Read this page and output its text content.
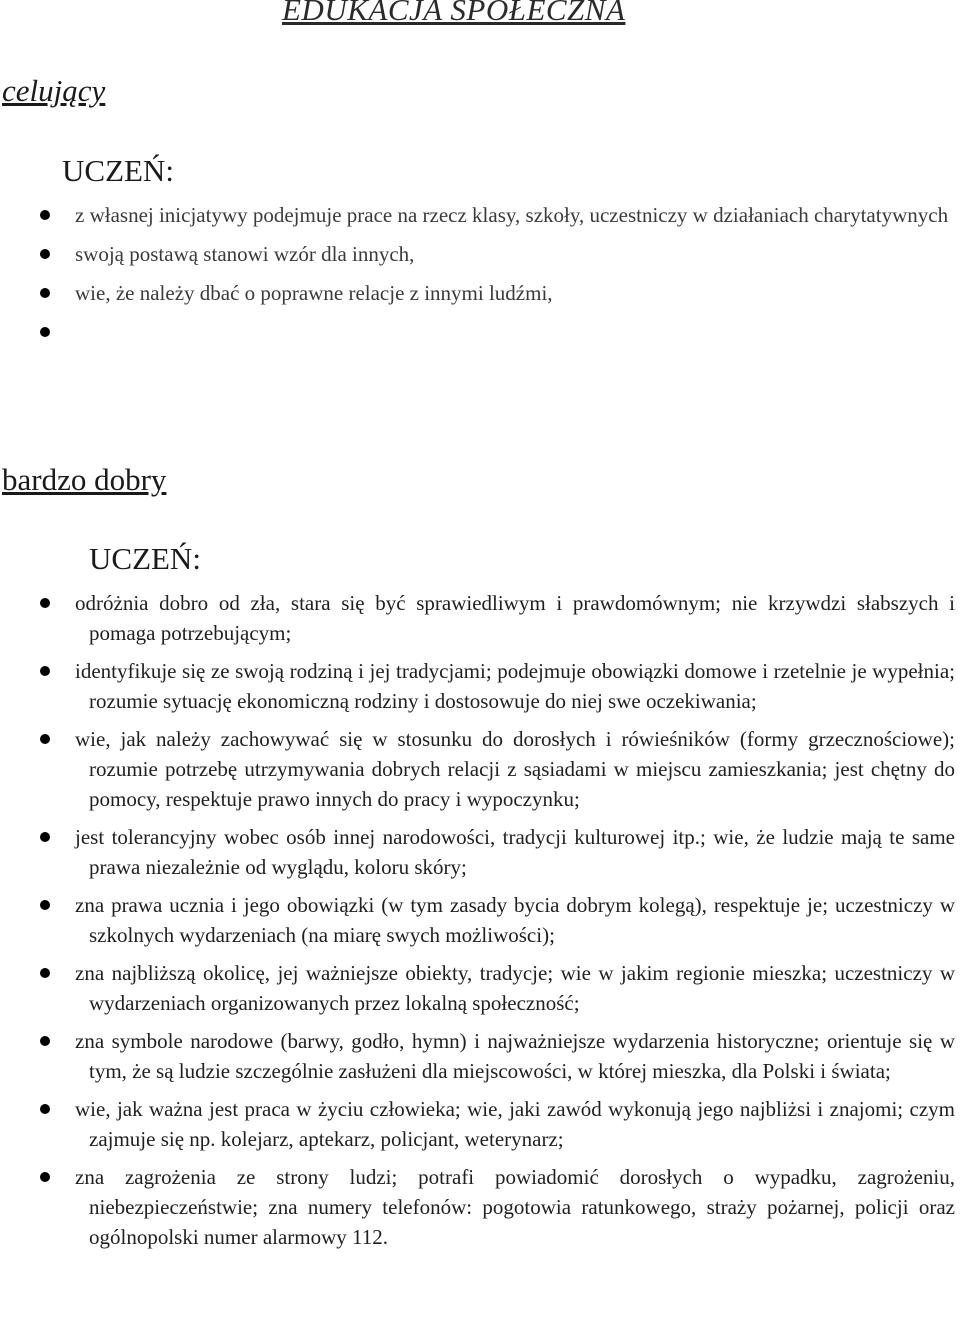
EDUKACJA SPOŁECZNA
celujący
UCZEŃ:
z własnej inicjatywy podejmuje prace na rzecz klasy, szkoły, uczestniczy w działaniach charytatywnych
swoją postawą stanowi wzór dla innych,
wie, że należy dbać o poprawne relacje z innymi ludźmi,
bardzo dobry
UCZEŃ:
odróżnia dobro od zła, stara się być sprawiedliwym i prawdomównym; nie krzywdzi słabszych i pomaga potrzebującym;
identyfikuje się ze swoją rodziną i jej tradycjami; podejmuje obowiązki domowe i rzetelnie je wypełnia; rozumie sytuację ekonomiczną rodziny i dostosowuje do niej swe oczekiwania;
wie, jak należy zachowywać się w stosunku do dorosłych i rówieśników (formy grzecznościowe); rozumie potrzebę utrzymywania dobrych relacji z sąsiadami w miejscu zamieszkania; jest chętny do pomocy, respektuje prawo innych do pracy i wypoczynku;
jest tolerancyjny wobec osób innej narodowości, tradycji kulturowej itp.; wie, że ludzie mają te same prawa niezależnie od wyglądu, koloru skóry;
zna prawa ucznia i jego obowiązki (w tym zasady bycia dobrym kolegą), respektuje je; uczestniczy w szkolnych wydarzeniach (na miarę swych możliwości);
zna najbliższą okolicę, jej ważniejsze obiekty, tradycje; wie w jakim regionie mieszka; uczestniczy w wydarzeniach organizowanych przez lokalną społeczność;
zna symbole narodowe (barwy, godło, hymn) i najważniejsze wydarzenia historyczne; orientuje się w tym, że są ludzie szczególnie zasłużeni dla miejscowości, w której mieszka, dla Polski i świata;
wie, jak ważna jest praca w życiu człowieka; wie, jaki zawód wykonują jego najbliżsi i znajomi; czym zajmuje się np. kolejarz, aptekarz, policjant, weterynarz;
zna zagrożenia ze strony ludzi; potrafi powiadomić dorosłych o wypadku, zagrożeniu, niebezpieczeństwie; zna numery telefonów: pogotowia ratunkowego, straży pożarnej, policji oraz ogólnopolski numer alarmowy 112.
